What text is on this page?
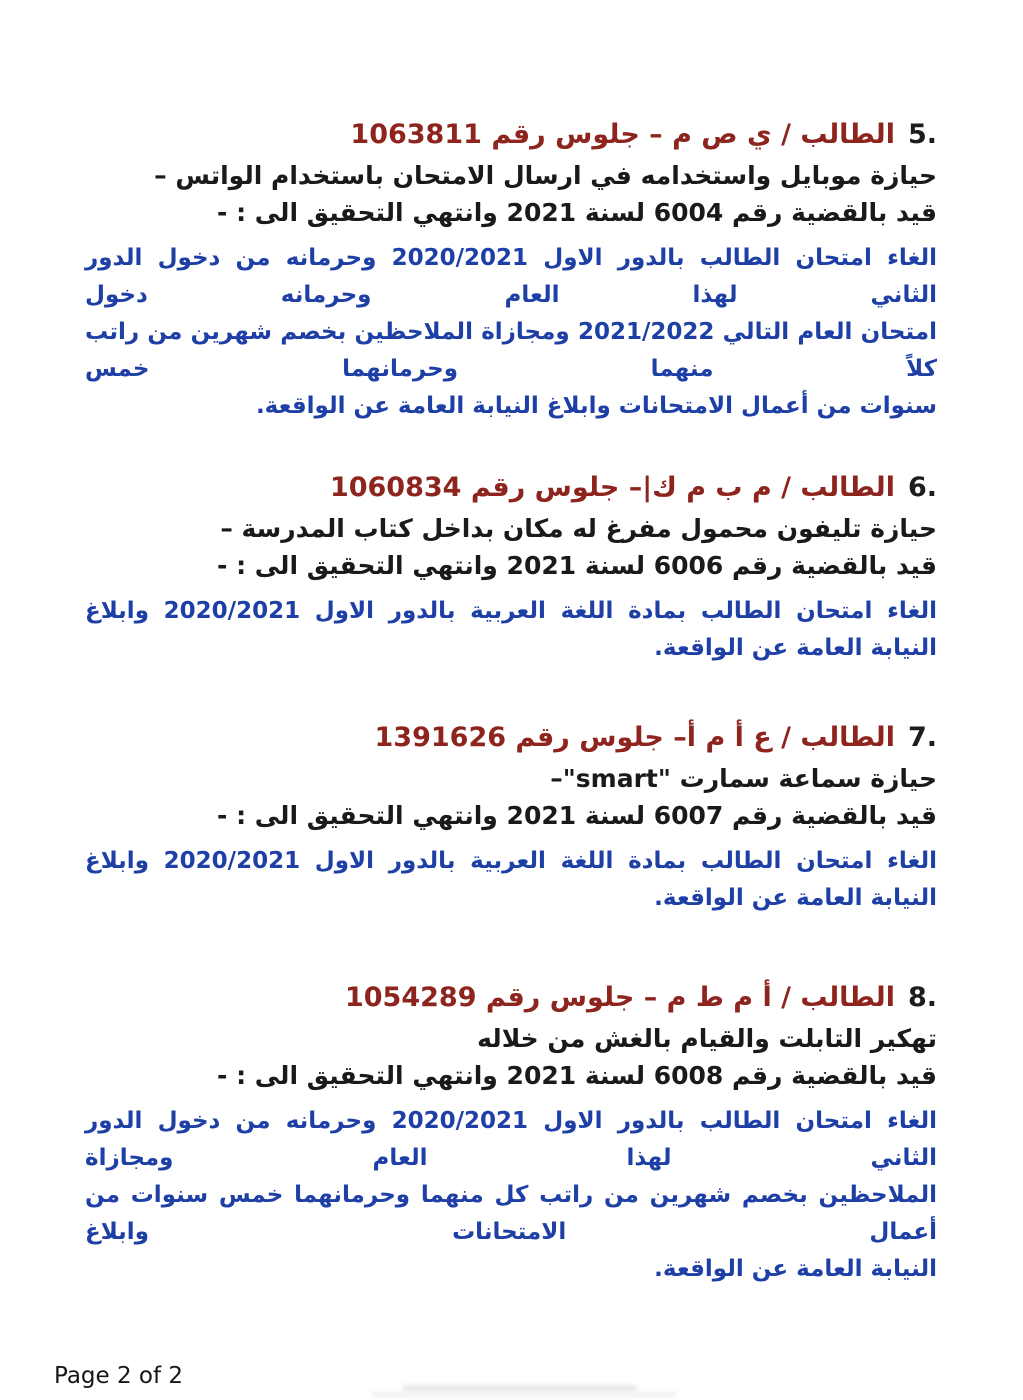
5.
الطالب / ي ص م – جلوس رقم 1063811
حيازة موبايل واستخدامه في ارسال الامتحان باستخدام الواتس –
قيد بالقضية رقم 6004 لسنة 2021 وانتهي التحقيق الى : -
الغاء امتحان الطالب بالدور الاول 2020/2021 وحرمانه من دخول الدور الثاني لهذا العام وحرمانه دخول
امتحان العام التالي 2021/2022 ومجازاة الملاحظين بخصم شهرين من راتب كلاً منهما وحرمانهما خمس
سنوات من أعمال الامتحانات وابلاغ النيابة العامة عن الواقعة.
6.
الطالب / م ب م ك|– جلوس رقم 1060834
حيازة تليفون محمول مفرغ له مكان بداخل كتاب المدرسة –
قيد بالقضية رقم 6006 لسنة 2021 وانتهي التحقيق الى : -
الغاء امتحان الطالب بمادة اللغة العربية بالدور الاول 2020/2021 وابلاغ النيابة العامة عن الواقعة.
7.
الطالب / ع أ م أ– جلوس رقم 1391626
حيازة سماعة سمارت "smart"–
قيد بالقضية رقم 6007 لسنة 2021 وانتهي التحقيق الى : -
الغاء امتحان الطالب بمادة اللغة العربية بالدور الاول 2020/2021 وابلاغ النيابة العامة عن الواقعة.
8.
الطالب / أ م ط م – جلوس رقم 1054289
تهكير التابلت والقيام بالغش من خلاله
قيد بالقضية رقم 6008 لسنة 2021 وانتهي التحقيق الى : -
الغاء امتحان الطالب بالدور الاول 2020/2021 وحرمانه من دخول الدور الثاني لهذا العام ومجازاة
الملاحظين بخصم شهرين من راتب كل منهما وحرمانهما خمس سنوات من أعمال الامتحانات وابلاغ
النيابة العامة عن الواقعة.
Page 2 of 2
